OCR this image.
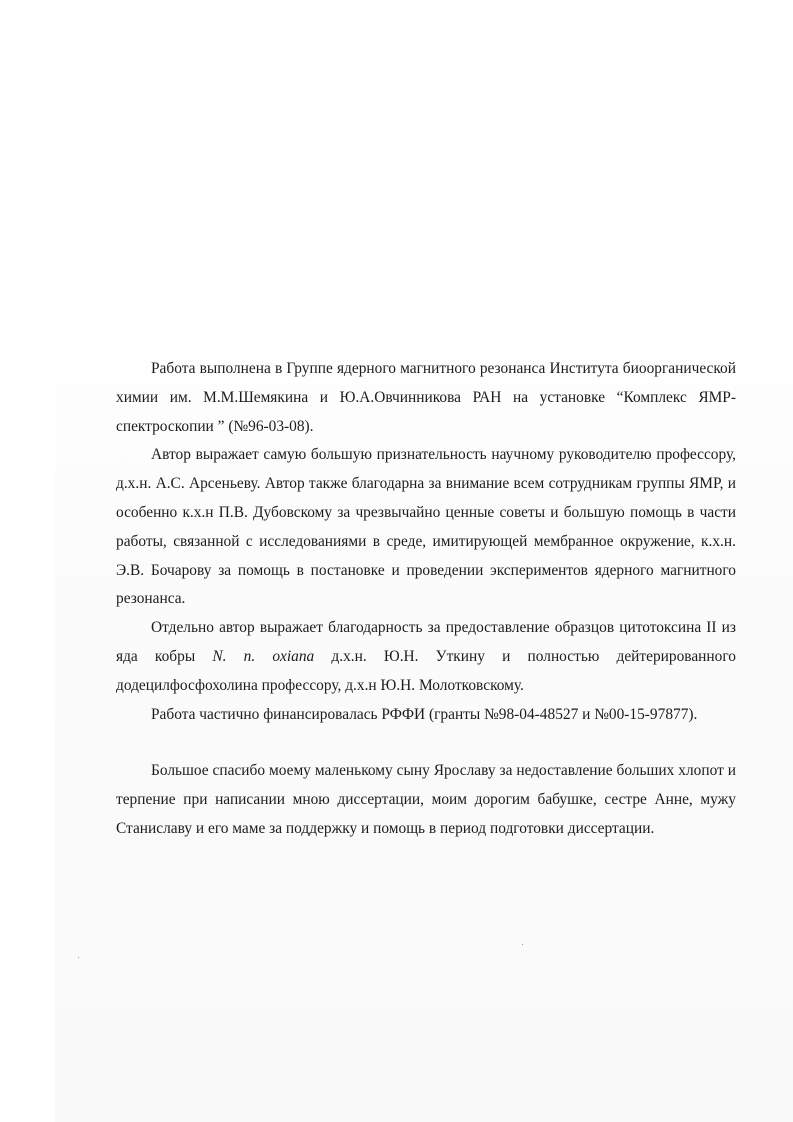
Работа выполнена в Группе ядерного магнитного резонанса Института биоорганической химии им. М.М.Шемякина и Ю.А.Овчинникова РАН на установке “Комплекс ЯМР-спектроскопии ” (№96-03-08).

Автор выражает самую большую признательность научному руководителю профессору, д.х.н. А.С. Арсеньеву. Автор также благодарна за внимание всем сотрудникам группы ЯМР, и особенно к.х.н П.В. Дубовскому за чрезвычайно ценные советы и большую помощь в части работы, связанной с исследованиями в среде, имитирующей мембранное окружение, к.х.н. Э.В. Бочарову за помощь в постановке и проведении экспериментов ядерного магнитного резонанса.

Отдельно автор выражает благодарность за предоставление образцов цитотоксина II из яда кобры N. n. oxiana д.х.н. Ю.Н. Уткину и полностью дейтерированного додецилфосфохолина профессору, д.х.н Ю.Н. Молотковскому.

Работа частично финансировалась РФФИ (гранты №98-04-48527 и №00-15-97877).

Большое спасибо моему маленькому сыну Ярославу за недоставление больших хлопот и терпение при написании мною диссертации, моим дорогим бабушке, сестре Анне, мужу Станиславу и его маме за поддержку и помощь в период подготовки диссертации.
